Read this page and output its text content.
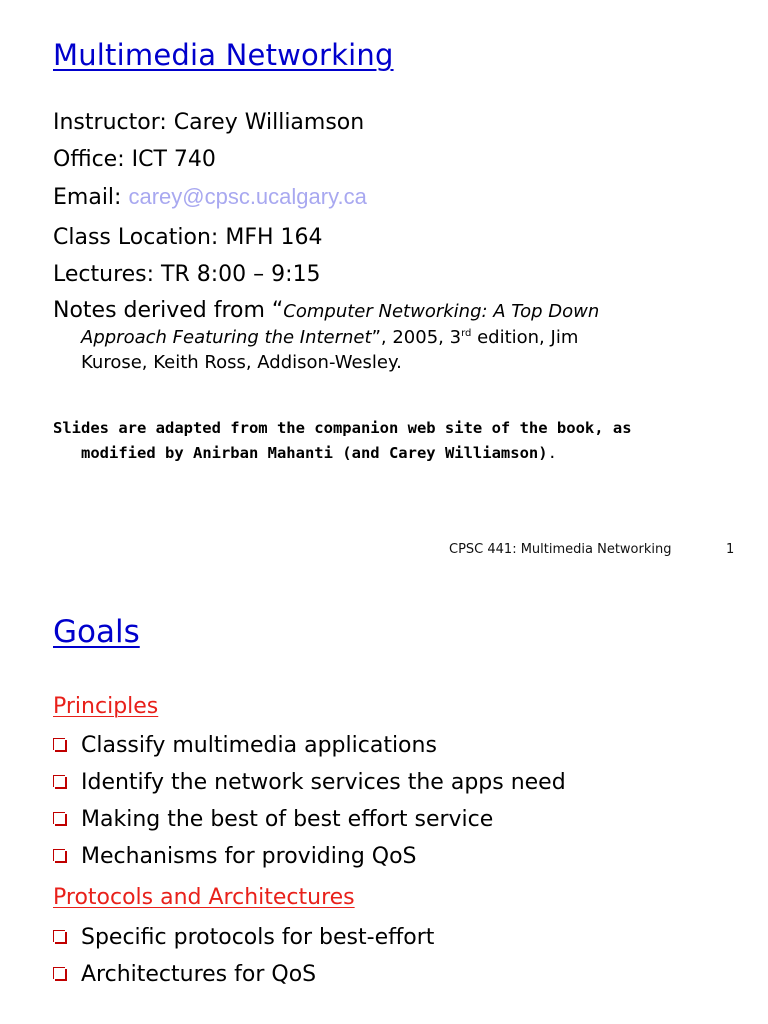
Multimedia Networking
Instructor: Carey Williamson
Office: ICT 740
Email: carey@cpsc.ucalgary.ca
Class Location: MFH 164
Lectures: TR 8:00 – 9:15
Notes derived from “Computer Networking: A Top Down
Approach Featuring the Internet”, 2005, 3rd edition, Jim
Kurose, Keith Ross, Addison-Wesley.
Slides are adapted from the companion web site of the book, as
modified by Anirban Mahanti (and Carey Williamson).
CPSC 441: Multimedia Networking	1
Goals
Principles
Classify multimedia applications
Identify the network services the apps need
Making the best of best effort service
Mechanisms for providing QoS
Protocols and Architectures
Specific protocols for best-effort
Architectures for QoS
